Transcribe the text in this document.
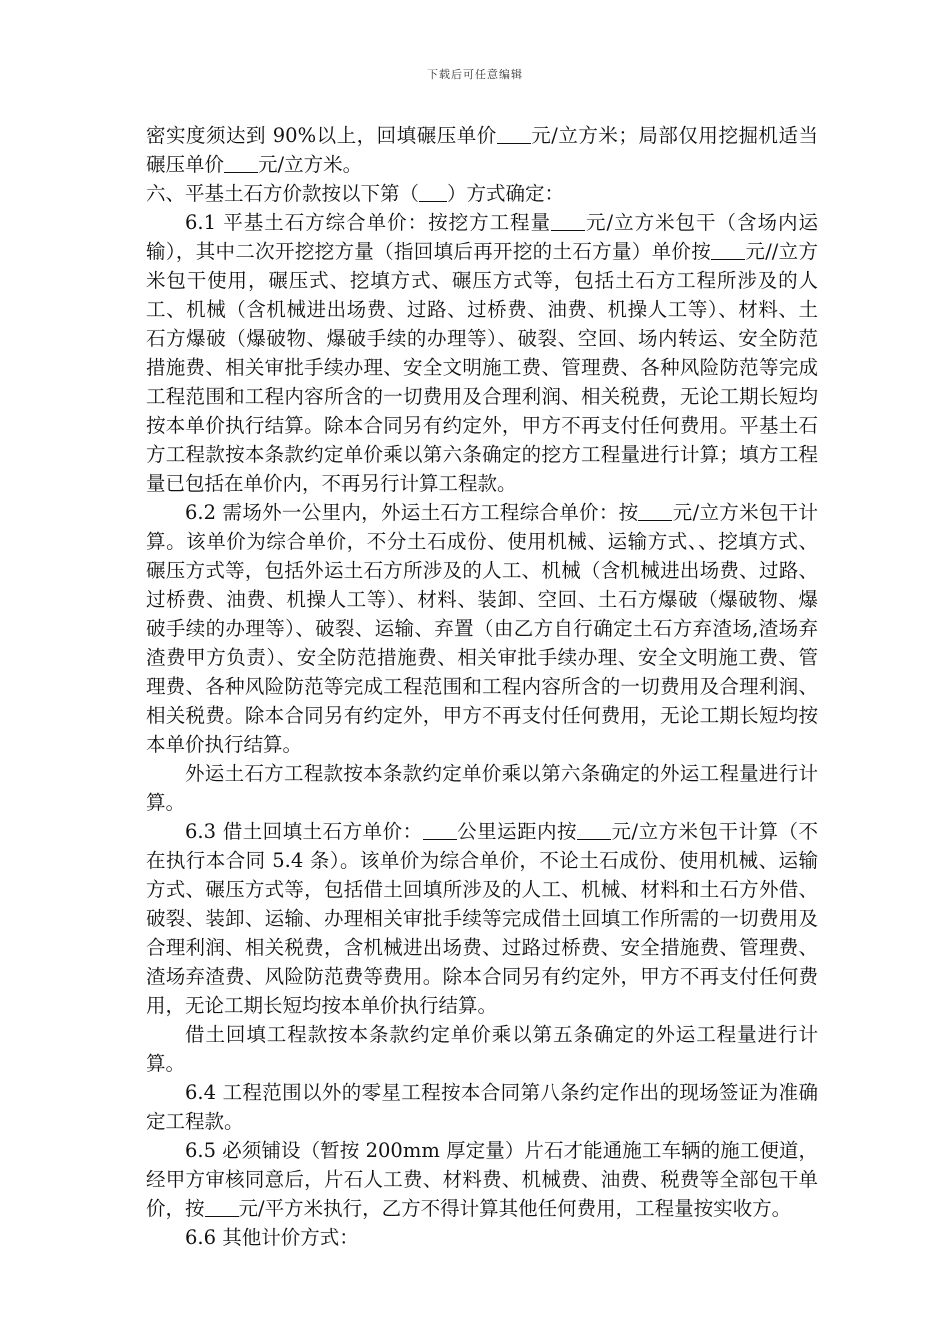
下载后可任意编辑

密实度须达到 90%以上，回填碾压单价 元/立方米；局部仅用挖掘机适当碾压单价 元/立方米。

六、平基土石方价款按以下第（ ）方式确定：

6.1 平基土石方综合单价：按挖方工程量 元/立方米包干（含场内运输），其中二次开挖挖方量（指回填后再开挖的土石方量）单价按 元//立方米包干使用，碾压式、挖填方式、碾压方式等，包括土石方工程所涉及的人工、机械（含机械进出场费、过路、过桥费、油费、机操人工等）、材料、土石方爆破（爆破物、爆破手续的办理等）、破裂、空回、场内转运、安全防范措施费、相关审批手续办理、安全文明施工费、管理费、各种风险防范等完成工程范围和工程内容所含的一切费用及合理利润、相关税费，无论工期长短均按本单价执行结算。除本合同另有约定外，甲方不再支付任何费用。平基土石方工程款按本条款约定单价乘以第六条确定的挖方工程量进行计算；填方工程量已包括在单价内，不再另行计算工程款。

6.2 需场外一公里内，外运土石方工程综合单价：按 元/立方米包干计算。该单价为综合单价，不分土石成份、使用机械、运输方式、、挖填方式、碾压方式等，包括外运土石方所涉及的人工、机械（含机械进出场费、过路、过桥费、油费、机操人工等）、材料、装卸、空回、土石方爆破（爆破物、爆破手续的办理等）、破裂、运输、弃置（由乙方自行确定土石方弃渣场,渣场弃渣费甲方负责）、安全防范措施费、相关审批手续办理、安全文明施工费、管理费、各种风险防范等完成工程范围和工程内容所含的一切费用及合理利润、相关税费。除本合同另有约定外，甲方不再支付任何费用，无论工期长短均按本单价执行结算。

外运土石方工程款按本条款约定单价乘以第六条确定的外运工程量进行计算。

6.3 借土回填土石方单价： 公里运距内按 元/立方米包干计算（不在执行本合同 5.4 条）。该单价为综合单价，不论土石成份、使用机械、运输方式、碾压方式等，包括借土回填所涉及的人工、机械、材料和土石方外借、破裂、装卸、运输、办理相关审批手续等完成借土回填工作所需的一切费用及合理利润、相关税费，含机械进出场费、过路过桥费、安全措施费、管理费、渣场弃渣费、风险防范费等费用。除本合同另有约定外，甲方不再支付任何费用，无论工期长短均按本单价执行结算。

借土回填工程款按本条款约定单价乘以第五条确定的外运工程量进行计算。

6.4 工程范围以外的零星工程按本合同第八条约定作出的现场签证为准确定工程款。

6.5 必须铺设（暂按 200mm 厚定量）片石才能通施工车辆的施工便道，经甲方审核同意后，片石人工费、材料费、机械费、油费、税费等全部包干单价，按 元/平方米执行，乙方不得计算其他任何费用，工程量按实收方。

6.6 其他计价方式：
